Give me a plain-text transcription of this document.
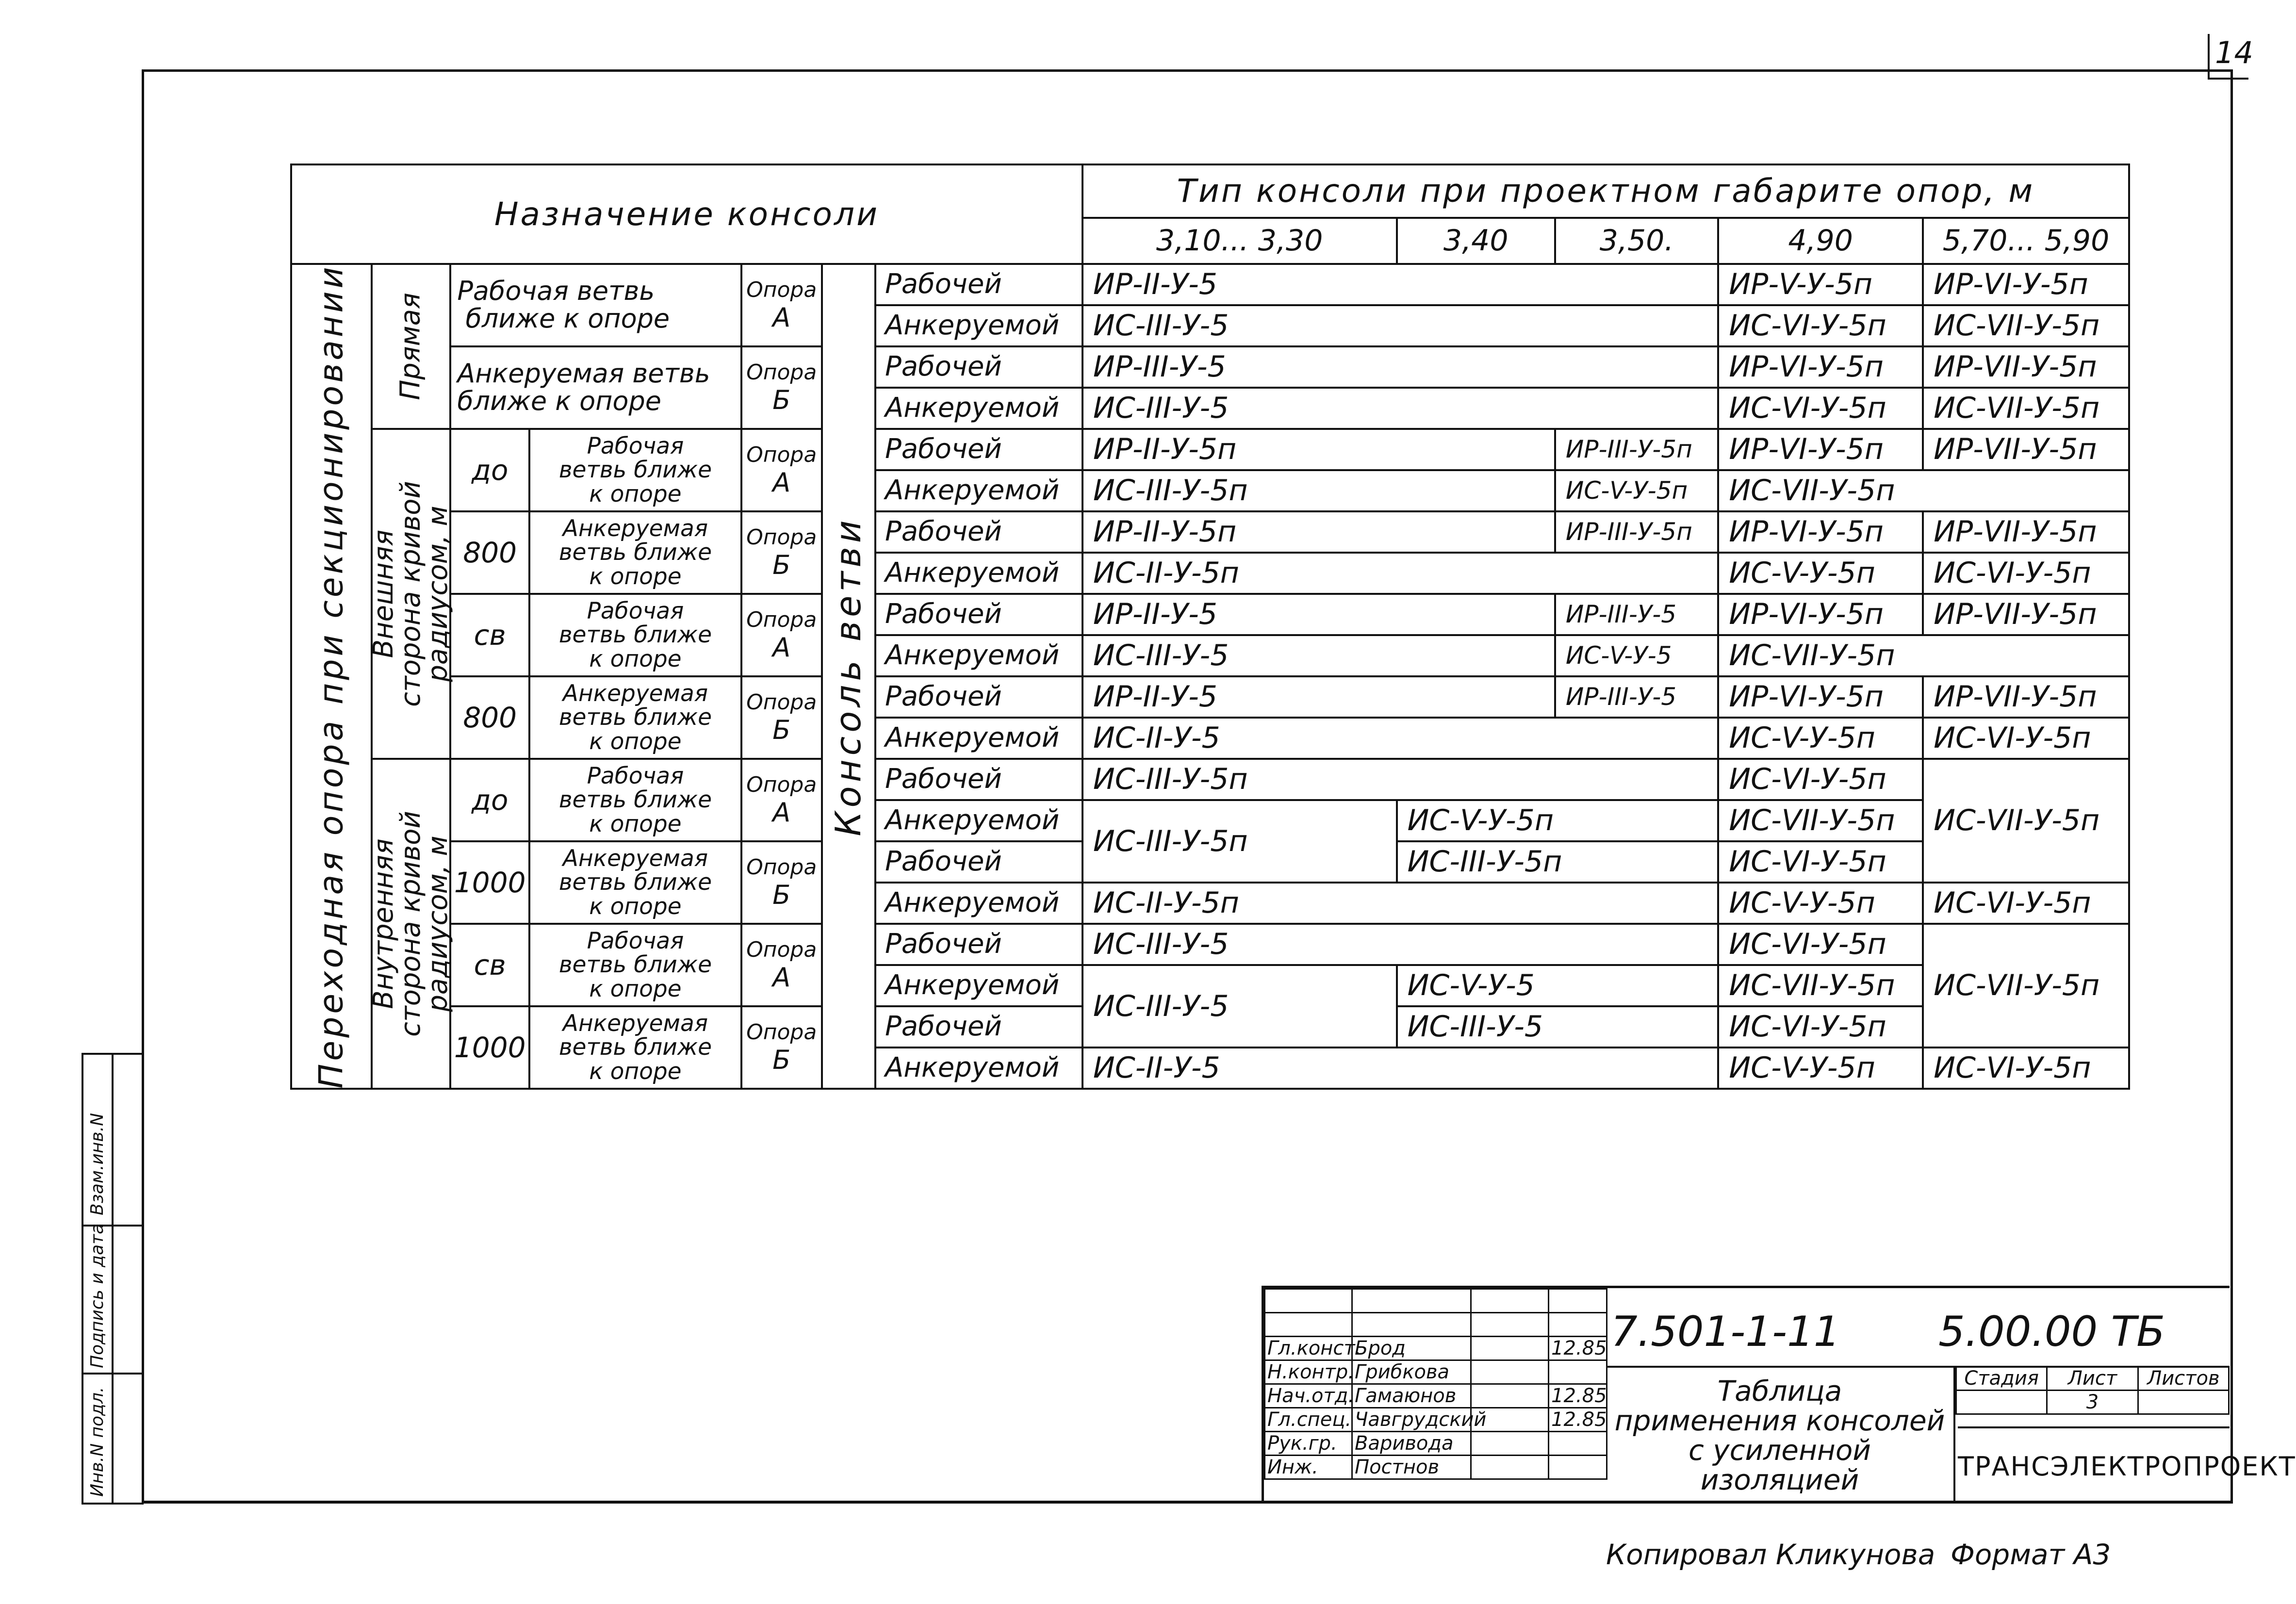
14
Назначение консоли							Тип консоли при проектном габарите опор, м				
							3,10... 3,30	3,40	3,50.	4,90	5,70... 5,90

Переходная опора при секционировании	Прямая	Рабочая ветвь
ближе к опоре		Опора
А	Консоль ветви	Рабочей	ИР-II-У-5			ИР-V-У-5п	ИР-VI-У-5п
						Анкеруемой	ИС-III-У-5			ИС-VI-У-5п	ИС-VII-У-5п
		Анкеруемая ветвь
ближе к опоре		Опора
Б		Рабочей	ИР-III-У-5			ИР-VI-У-5п	ИР-VII-У-5п
						Анкеруемой	ИС-III-У-5			ИС-VI-У-5п	ИС-VII-У-5п

	Внешняя
сторона кривой
радиусом, м	до	Рабочая
ветвь ближе
к опоре	Опора
А		Рабочей	ИР-II-У-5п		ИР-III-У-5п	ИР-VI-У-5п	ИР-VII-У-5п
						Анкеруемой	ИС-III-У-5п		ИС-V-У-5п	ИС-VII-У-5п	
		800	Анкеруемая
ветвь ближе
к опоре	Опора
Б		Рабочей	ИР-II-У-5п		ИР-III-У-5п	ИР-VI-У-5п	ИР-VII-У-5п
						Анкеруемой	ИС-II-У-5п			ИС-V-У-5п	ИС-VI-У-5п
		св	Рабочая
ветвь ближе
к опоре	Опора
А		Рабочей	ИР-II-У-5		ИР-III-У-5	ИР-VI-У-5п	ИР-VII-У-5п
						Анкеруемой	ИС-III-У-5		ИС-V-У-5	ИС-VII-У-5п	
		800	Анкеруемая
ветвь ближе
к опоре	Опора
Б		Рабочей	ИР-II-У-5		ИР-III-У-5	ИР-VI-У-5п	ИР-VII-У-5п
						Анкеруемой	ИС-II-У-5			ИС-V-У-5п	ИС-VI-У-5п

	Внутренняя
сторона кривой
радиусом, м	до	Рабочая
ветвь ближе
к опоре	Опора
А		Рабочей	ИС-III-У-5п			ИС-VI-У-5п	ИС-VII-У-5п
						Анкеруемой	ИС-III-У-5п	ИС-V-У-5п		ИС-VII-У-5п	
		1000	Анкеруемая
ветвь ближе
к опоре	Опора
Б		Рабочей		ИС-III-У-5п		ИС-VI-У-5п	
						Анкеруемой	ИС-II-У-5п			ИС-V-У-5п	ИС-VI-У-5п
		св	Рабочая
ветвь ближе
к опоре	Опора
А		Рабочей	ИС-III-У-5			ИС-VI-У-5п	ИС-VII-У-5п
						Анкеруемой	ИС-III-У-5	ИС-V-У-5		ИС-VII-У-5п	
		1000	Анкеруемая
ветвь ближе
к опоре	Опора
Б		Рабочей		ИС-III-У-5		ИС-VI-У-5п	
						Анкеруемой	ИС-II-У-5			ИС-V-У-5п	ИС-VI-У-5п

Гл.конст.	Брод		12.85
Н.контр.	Грибкова		
Нач.отд.	Гамаюнов		12.85
Гл.спец.	Чавгрудский		12.85
Рук.гр.	Варивода		
Инж.	Постнов		
7.501-1-11 5.00.00 ТБ
Таблица
применения консолей
с усиленной
изоляцией
Стадия	Лист	Листов
	3	
ТРАНСЭЛЕКТРОПРОЕКТ
Инв.N подл.
Подпись и дата
Взам.инв.N
Копировал Кликунова Формат А3
